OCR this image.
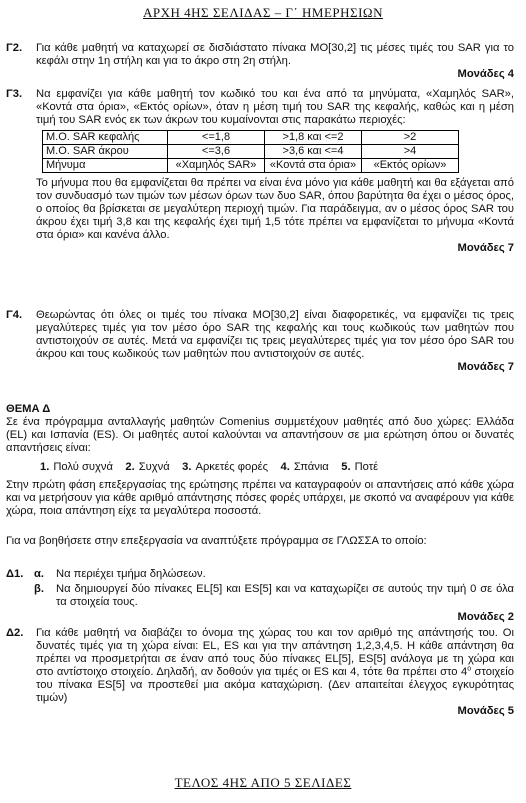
ΑΡΧΗ 4ΗΣ ΣΕΛΙΔΑΣ – Γ΄ ΗΜΕΡΗΣΙΩΝ
Γ2. Για κάθε μαθητή να καταχωρεί σε δισδιάστατο πίνακα ΜΟ[30,2] τις μέσες τιμές του SAR για το κεφάλι στην 1η στήλη και για το άκρο στη 2η στήλη.
Μονάδες 4
Γ3. Να εμφανίζει για κάθε μαθητή τον κωδικό του και ένα από τα μηνύματα, «Χαμηλός SAR», «Κοντά στα όρια», «Εκτός ορίων», όταν η μέση τιμή του SAR της κεφαλής, καθώς και η μέση τιμή του SAR ενός εκ των άκρων του κυμαίνονται στις παρακάτω περιοχές:
Μ.Ο. SAR κεφαλής	<=1,8	>1,8 και <=2	>2
Μ.Ο. SAR άκρου	<=3,6	>3,6 και <=4	>4
Μήνυμα	«Χαμηλός SAR»	«Κοντά στα όρια»	«Εκτός ορίων»
Το μήνυμα που θα εμφανίζεται θα πρέπει να είναι ένα μόνο για κάθε μαθητή και θα εξάγεται από τον συνδυασμό των τιμών των μέσων όρων των δυο SAR, όπου βαρύτητα θα έχει ο μέσος όρος, ο οποίος θα βρίσκεται σε μεγαλύτερη περιοχή τιμών. Για παράδειγμα, αν ο μέσος όρος SAR του άκρου έχει τιμή 3,8 και της κεφαλής έχει τιμή 1,5 τότε πρέπει να εμφανίζεται το μήνυμα «Κοντά στα όρια» και κανένα άλλο.
Μονάδες 7
Γ4. Θεωρώντας ότι όλες οι τιμές του πίνακα ΜΟ[30,2] είναι διαφορετικές, να εμφανίζει τις τρεις μεγαλύτερες τιμές για τον μέσο όρο SAR της κεφαλής και τους κωδικούς των μαθητών που αντιστοιχούν σε αυτές. Μετά να εμφανίζει τις τρεις μεγαλύτερες τιμές για τον μέσο όρο SAR του άκρου και τους κωδικούς των μαθητών που αντιστοιχούν σε αυτές.
Μονάδες 7
ΘΕΜΑ Δ
Σε ένα πρόγραμμα ανταλλαγής μαθητών Comenius συμμετέχουν μαθητές από δυο χώρες: Ελλάδα (EL) και Ισπανία (ES). Οι μαθητές αυτοί καλούνται να απαντήσουν σε μια ερώτηση όπου οι δυνατές απαντήσεις είναι:
1. Πολύ συχνά 2. Συχνά 3. Αρκετές φορές 4. Σπάνια 5. Ποτέ
Στην πρώτη φάση επεξεργασίας της ερώτησης πρέπει να καταγραφούν οι απαντήσεις από κάθε χώρα και να μετρήσουν για κάθε αριθμό απάντησης πόσες φορές υπάρχει, με σκοπό να αναφέρουν για κάθε χώρα, ποια απάντηση είχε τα μεγαλύτερα ποσοστά.
Για να βοηθήσετε στην επεξεργασία να αναπτύξετε πρόγραμμα σε ΓΛΩΣΣΑ το οποίο:
Δ1. α. Να περιέχει τμήμα δηλώσεων.
β. Να δημιουργεί δύο πίνακες EL[5] και ES[5] και να καταχωρίζει σε αυτούς την τιμή 0 σε όλα τα στοιχεία τους.
Μονάδες 2
Δ2. Για κάθε μαθητή να διαβάζει το όνομα της χώρας του και τον αριθμό της απάντησής του. Οι δυνατές τιμές για τη χώρα είναι: EL, ES και για την απάντηση 1,2,3,4,5. Η κάθε απάντηση θα πρέπει να προσμετρήται σε έναν από τους δύο πίνακες EL[5], ES[5] ανάλογα με τη χώρα και στο αντίστοιχο στοιχείο. Δηλαδή, αν δοθούν για τιμές οι ES και 4, τότε θα πρέπει στο $4^o$ στοιχείο του πίνακα ES[5] να προστεθεί μια ακόμα καταχώριση. (Δεν απαιτείται έλεγχος εγκυρότητας τιμών)
Μονάδες 5
ΤΕΛΟΣ 4ΗΣ ΑΠΟ 5 ΣΕΛΙΔΕΣ
